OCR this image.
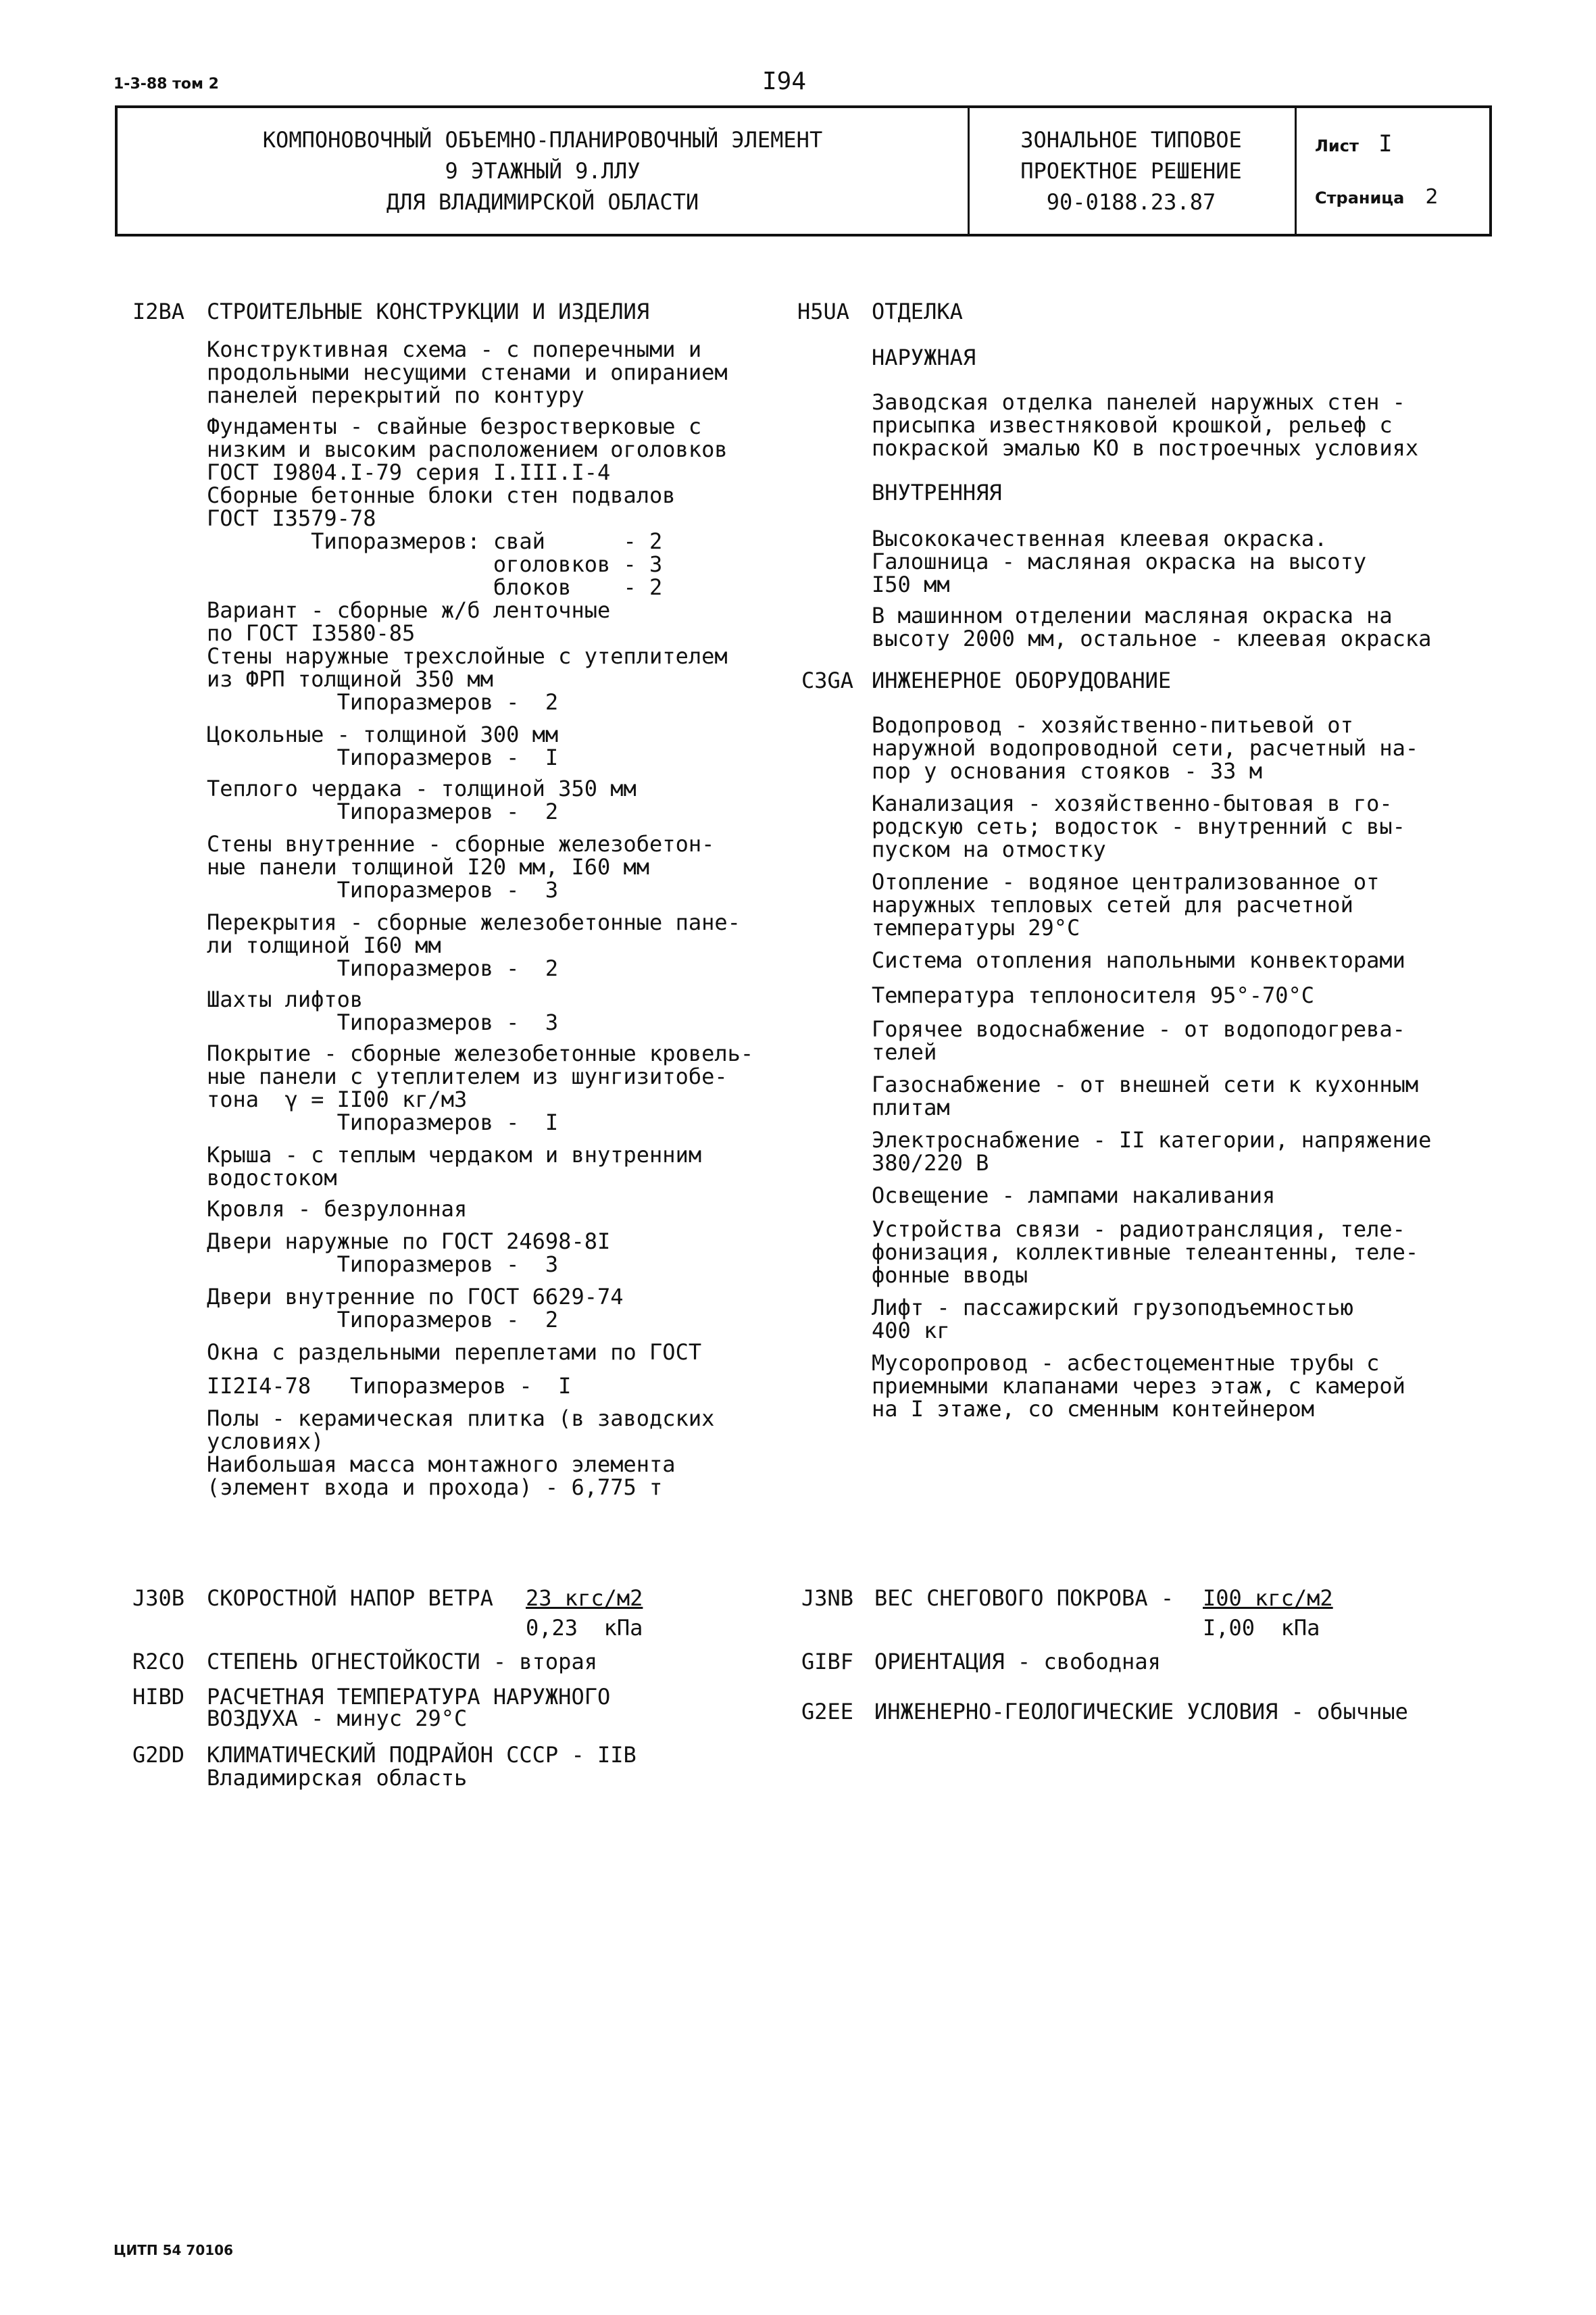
1-3-88 том 2	I94
КОМПОНОВОЧНЫЙ ОБЪЕМНО-ПЛАНИРОВОЧНЫЙ ЭЛЕМЕНТ
9 ЭТАЖНЫЙ 9.ЛЛУ
ДЛЯ ВЛАДИМИРСКОЙ ОБЛАСТИ
ЗОНАЛЬНОЕ ТИПОВОЕ
ПРОЕКТНОЕ РЕШЕНИЕ
90-0188.23.87
Лист I
Страница 2
I2ВА СТРОИТЕЛЬНЫЕ КОНСТРУКЦИИ И ИЗДЕЛИЯ
Конструктивная схема - с поперечными и
продольными несущими стенами и опиранием
панелей перекрытий по контуру
Фундаменты - свайные безростверковые с
низким и высоким расположением оголовков
ГОСТ I9804.I-79 серия I.III.I-4
Сборные бетонные блоки стен подвалов
ГОСТ I3579-78
Типоразмеров: свай      - 2
оголовков - 3
блоков    - 2
Вариант - сборные ж/б ленточные
по ГОСТ I3580-85
Стены наружные трехслойные с утеплителем
из ФРП толщиной 350 мм
Типоразмеров -  2
Цокольные - толщиной 300 мм
Типоразмеров -  I
Теплого чердака - толщиной 350 мм
Типоразмеров -  2
Стены внутренние - сборные железобетон-
ные панели толщиной I20 мм, I60 мм
Типоразмеров -  3
Перекрытия - сборные железобетонные пане-
ли толщиной I60 мм
Типоразмеров -  2
Шахты лифтов
Типоразмеров -  3
Покрытие - сборные железобетонные кровель-
ные панели с утеплителем из шунгизитобе-
тона  γ = II00 кг/м3
Типоразмеров -  I
Крыша - с теплым чердаком и внутренним
водостоком
Кровля - безрулонная
Двери наружные по ГОСТ 24698-8I
Типоразмеров -  3
Двери внутренние по ГОСТ 6629-74
Типоразмеров -  2
Окна с раздельными переплетами по ГОСТ
II2I4-78   Типоразмеров -  I
Полы - керамическая плитка (в заводских
условиях)
Наибольшая масса монтажного элемента
(элемент входа и прохода) - 6,775 т
Н5UА ОТДЕЛКА
НАРУЖНАЯ
Заводская отделка панелей наружных стен -
присыпка известняковой крошкой, рельеф с
покраской эмалью КО в построечных условиях
ВНУТРЕННЯЯ
Высококачественная клеевая окраска.
Галошница - масляная окраска на высоту
I50 мм
В машинном отделении масляная окраска на
высоту 2000 мм, остальное - клеевая окраска
С3GА ИНЖЕНЕРНОЕ ОБОРУДОВАНИЕ
Водопровод - хозяйственно-питьевой от
наружной водопроводной сети, расчетный на-
пор у основания стояков - 33 м
Канализация - хозяйственно-бытовая в го-
родскую сеть; водосток - внутренний с вы-
пуском на отмостку
Отопление - водяное централизованное от
наружных тепловых сетей для расчетной
температуры 29°С
Система отопления напольными конвекторами
Температура теплоносителя 95°-70°С
Горячее водоснабжение - от водоподогрева-
телей
Газоснабжение - от внешней сети к кухонным
плитам
Электроснабжение - II категории, напряжение
380/220 В
Освещение - лампами накаливания
Устройства связи - радиотрансляция, теле-
фонизация, коллективные телеантенны, теле-
фонные вводы
Лифт - пассажирский грузоподъемностью
400 кг
Мусоропровод - асбестоцементные трубы с
приемными клапанами через этаж, с камерой
на I этаже, со сменным контейнером
J30В СКОРОСТНОЙ НАПОР ВЕТРА 23 кгс/м2
0,23  кПа
R2СО СТЕПЕНЬ ОГНЕСТОЙКОСТИ - вторая
НIВD РАСЧЕТНАЯ ТЕМПЕРАТУРА НАРУЖНОГО
ВОЗДУХА - минус 29°С
G2DD КЛИМАТИЧЕСКИЙ ПОДРАЙОН СССР - IIВ
Владимирская область
J3NВ ВЕС СНЕГОВОГО ПОКРОВА - I00 кгс/м2
I,00  кПа
GIВF ОРИЕНТАЦИЯ - свободная
G2ЕЕ ИНЖЕНЕРНО-ГЕОЛОГИЧЕСКИЕ УСЛОВИЯ - обычные
ЦИТП 54 70106
